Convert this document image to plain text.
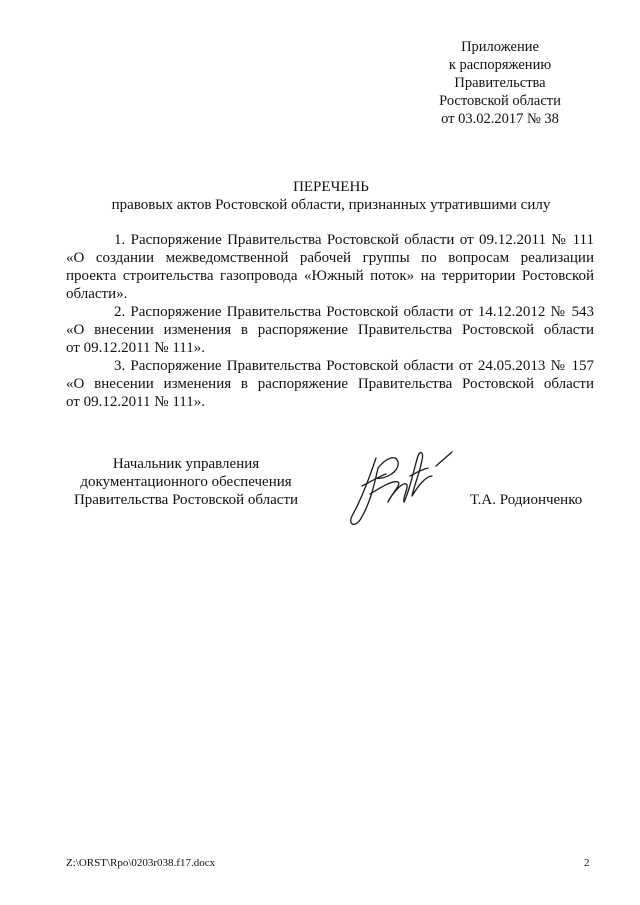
Приложение
к распоряжению
Правительства
Ростовской области
от 03.02.2017 № 38
ПЕРЕЧЕНЬ
правовых актов Ростовской области, признанных утратившими силу
1. Распоряжение Правительства Ростовской области от 09.12.2011 № 111
«О создании межведомственной рабочей группы по вопросам реализации
проекта строительства газопровода «Южный поток» на территории Ростовской
области».
2. Распоряжение Правительства Ростовской области от 14.12.2012 № 543
«О внесении изменения в распоряжение Правительства Ростовской области
от 09.12.2011 № 111».
3. Распоряжение Правительства Ростовской области от 24.05.2013 № 157
«О внесении изменения в распоряжение Правительства Ростовской области
от 09.12.2011 № 111».
Начальник управления
документационного обеспечения
Правительства Ростовской области	Т.А. Родионченко
Z:\ORST\Rpo\0203r038.f17.docx	2
